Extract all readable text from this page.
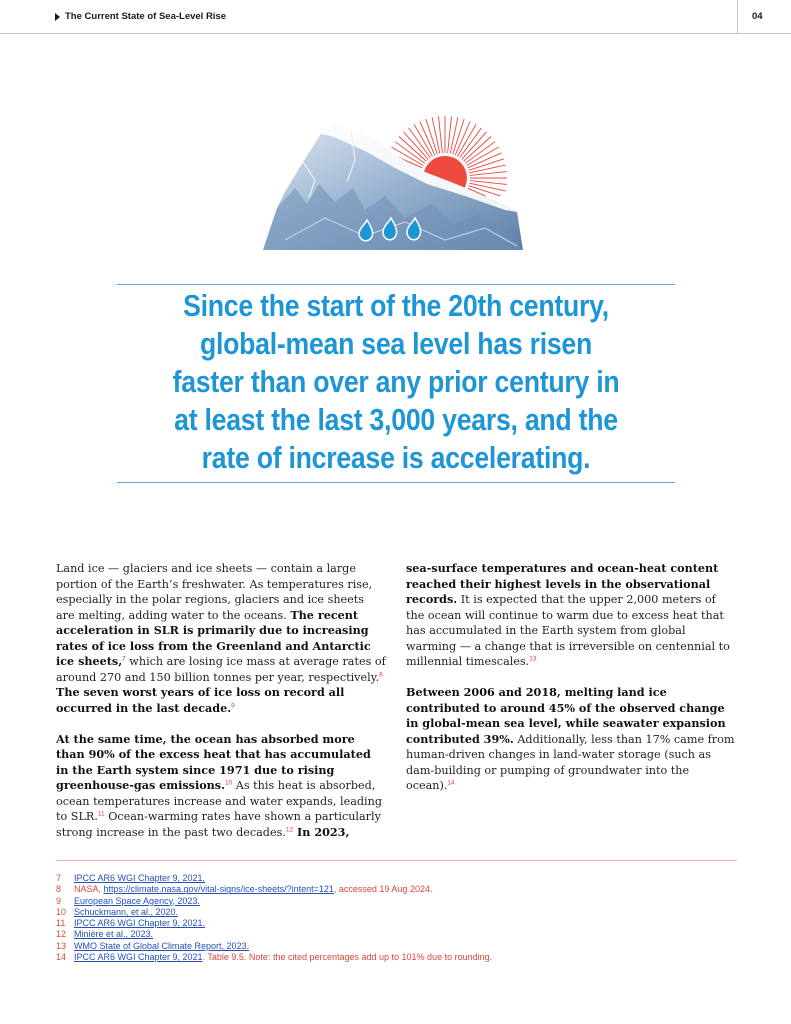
The Current State of Sea-Level Rise	04
Since the start of the 20th century,
global-mean sea level has risen
faster than over any prior century in
at least the last 3,000 years, and the
rate of increase is accelerating.

Land ice — glaciers and ice sheets — contain a large portion of the Earth’s freshwater. As temperatures rise, especially in the polar regions, glaciers and ice sheets are melting, adding water to the oceans. The recent acceleration in SLR is primarily due to increasing rates of ice loss from the Greenland and Antarctic ice sheets,$^7$ which are losing ice mass at average rates of around 270 and 150 billion tonnes per year, respectively.$^8$ The seven worst years of ice loss on record all occurred in the last decade.$^9$

At the same time, the ocean has absorbed more than 90% of the excess heat that has accumulated in the Earth system since 1971 due to rising greenhouse-gas emissions.$^{10}$ As this heat is absorbed, ocean temperatures increase and water expands, leading to SLR.$^{11}$ Ocean-warming rates have shown a particularly strong increase in the past two decades.$^{12}$ In 2023,

sea-surface temperatures and ocean-heat content reached their highest levels in the observational records. It is expected that the upper 2,000 meters of the ocean will continue to warm due to excess heat that has accumulated in the Earth system from global warming — a change that is irreversible on centennial to millennial timescales.$^{13}$

Between 2006 and 2018, melting land ice contributed to around 45% of the observed change in global-mean sea level, while seawater expansion contributed 39%. Additionally, less than 17% came from human-driven changes in land-water storage (such as dam-building or pumping of groundwater into the ocean).$^{14}$

7 IPCC AR6 WGI Chapter 9, 2021.
8 NASA, https://climate.nasa.gov/vital-signs/ice-sheets/?intent=121, accessed 19 Aug 2024.
9 European Space Agency, 2023.
10 Schuckmann, et al., 2020.
11 IPCC AR6 WGI Chapter 9, 2021.
12 Minière et al., 2023.
13 WMO State of Global Climate Report, 2023.
14 IPCC AR6 WGI Chapter 9, 2021. Table 9.5. Note: the cited percentages add up to 101% due to rounding.
